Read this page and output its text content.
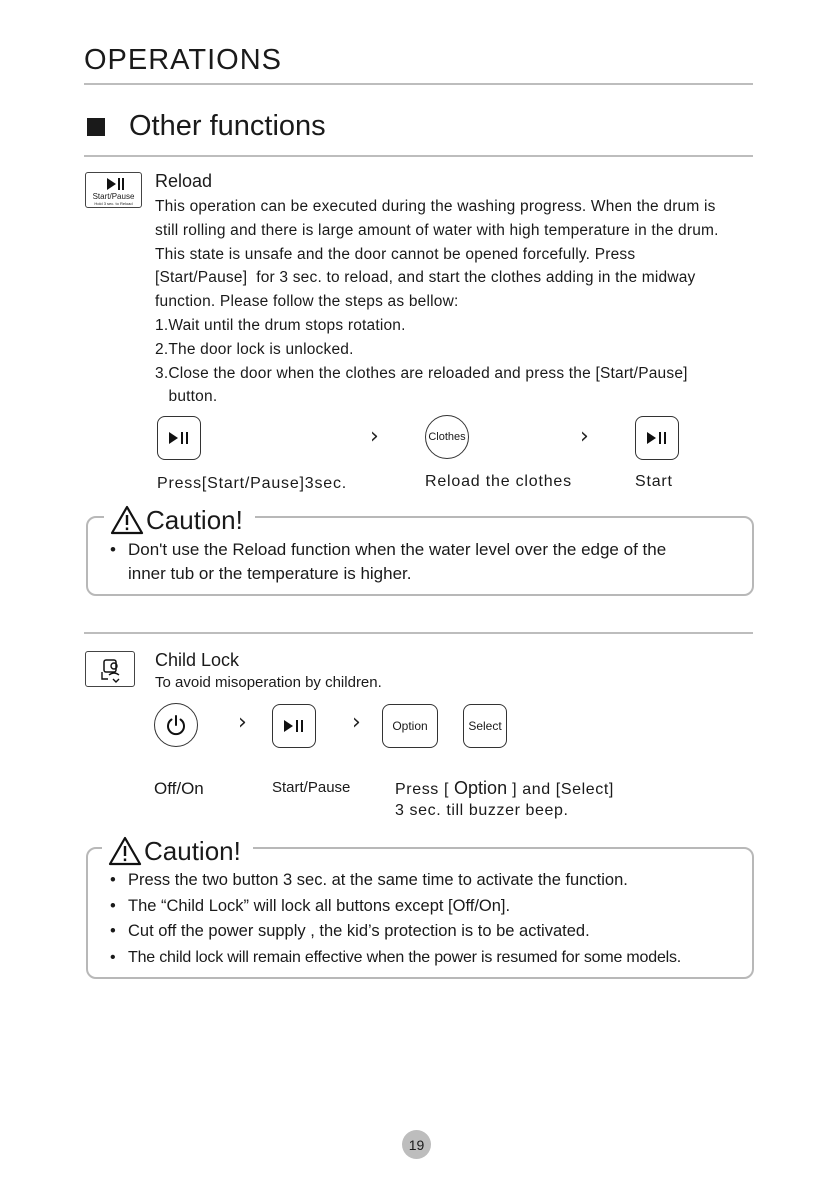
OPERATIONS
Other functions
Start/Pause
Hold 3 sec. to Reload
Reload
This operation can be executed during the washing progress. When the drum is
still rolling and there is large amount of water with high temperature in the drum.
This state is unsafe and the door cannot be opened forcefully. Press
[Start/Pause]  for 3 sec. to reload, and start the clothes adding in the midway
function. Please follow the steps as bellow:
1.Wait until the drum stops rotation.
2.The door lock is unlocked.
3.Close the door when the clothes are reloaded and press the [Start/Pause]
button.
›	Clothes	›
Press[Start/Pause]3sec.	Reload the clothes	Start
Caution!
• Don't use the Reload function when the water level over the edge of the
inner tub or the temperature is higher.
Child Lock
To avoid misoperation by children.
›	›	Option	Select
Off/On	Start/Pause	Press [ Option ] and [Select]
3 sec. till buzzer beep.
Caution!
• Press the two button 3 sec. at the same time to activate the function.
• The “Child Lock” will lock all buttons except [Off/On].
• Cut off the power supply , the kid’s protection is to be activated.
• The child lock will remain effective when the power is resumed for some models.
19
